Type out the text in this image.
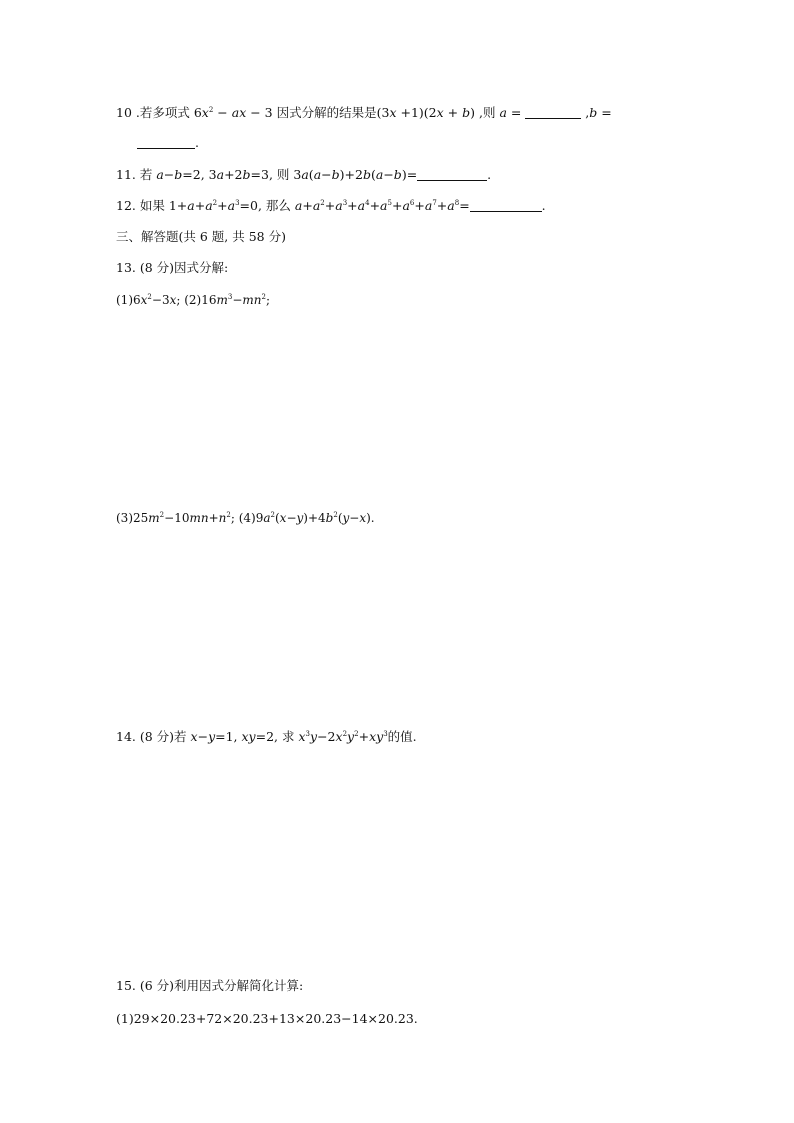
10 .若多项式 $6x^2$ − ax − 3 因式分解的结果是(3x +1)(2x + b) ,则 a =	,b =
.
11. 若 a−b=2, 3a+2b=3, 则 3a(a−b)+2b(a−b)=	.
12. 如果 $1+a+a^2+a^3=0$, 那么 $a+a^2+a^3+a^4+a^5+a^6+a^7+a^8=$	.
三、解答题(共 6 题, 共 58 分)
13. (8 分)因式分解:
$(1)6x^2-3x$; $(2)16m^3-mn^2$;
$(3)25m^2-10mn+n^2$; $(4)9a^2(x-y)+4b^2(y-x)$.
14. (8 分)若 x−y=1, xy=2, 求 $x^3y-2x^2y^2+xy^3$的值.
15. (6 分)利用因式分解简化计算:
(1)29×20.23+72×20.23+13×20.23−14×20.23.
